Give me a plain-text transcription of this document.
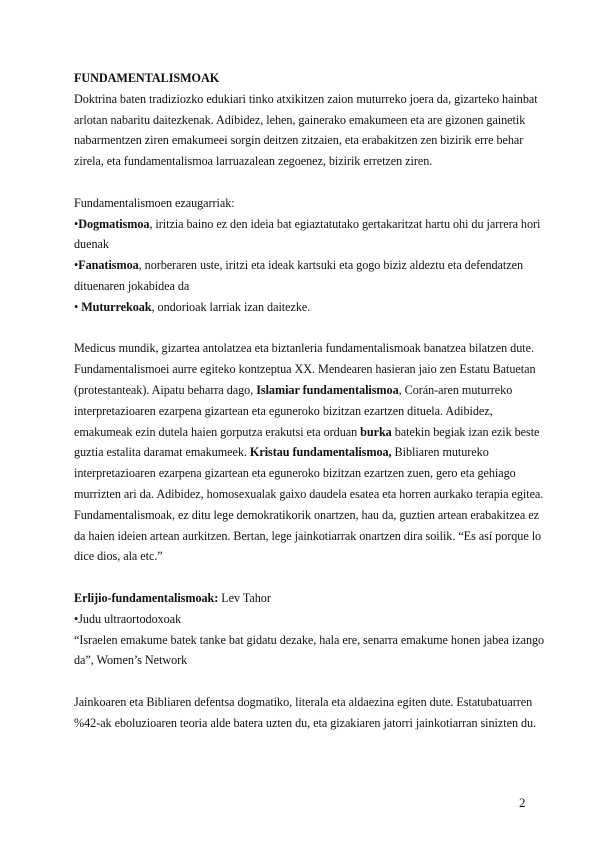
FUNDAMENTALISMOAK

Doktrina baten tradiziozko edukiari tinko atxikitzen zaion muturreko joera da, gizarteko hainbat arlotan nabaritu daitezkenak. Adibidez, lehen, gainerako emakumeen eta are gizonen gainetik nabarmentzen ziren emakumeei sorgin deitzen zitzaien, eta erabakitzen zen bizirik erre behar zirela, eta fundamentalismoa larruazalean zegoenez, bizirik erretzen ziren.

Fundamentalismoen ezaugarriak:

•Dogmatismoa, iritzia baino ez den ideia bat egiaztatutako gertakaritzat hartu ohi du jarrera hori duenak

•Fanatismoa, norberaren uste, iritzi eta ideak kartsuki eta gogo biziz aldeztu eta defendatzen dituenaren jokabidea da

• Muturrekoak, ondorioak larriak izan daitezke.

Medicus mundik, gizartea antolatzea eta biztanleria fundamentalismoak banatzea bilatzen dute. Fundamentalismoei aurre egiteko kontzeptua XX. Mendearen hasieran jaio zen Estatu Batuetan (protestanteak). Aipatu beharra dago, Islamiar fundamentalismoa, Corán-aren muturreko interpretazioaren ezarpena gizartean eta eguneroko bizitzan ezartzen dituela. Adibidez, emakumeak ezin dutela haien gorputza erakutsi eta orduan burka batekin begiak izan ezik beste guztia estalita daramat emakumeek. Kristau fundamentalismoa, Bibliaren mutureko interpretazioaren ezarpena gizartean eta eguneroko bizitzan ezartzen zuen, gero eta gehiago murrizten ari da. Adibidez, homosexualak gaixo daudela esatea eta horren aurkako terapia egitea.

Fundamentalismoak, ez ditu lege demokratikorik onartzen, hau da, guztien artean erabakitzea ez da haien ideien artean aurkitzen. Bertan, lege jainkotiarrak onartzen dira soilik. “Es así porque lo dice dios, ala etc.”

Erlijio-fundamentalismoak: Lev Tahor

•Judu ultraortodoxoak

“Israelen emakume batek tanke bat gidatu dezake, hala ere, senarra emakume honen jabea izango da”, Women’s Network

Jainkoaren eta Bibliaren defentsa dogmatiko, literala eta aldaezina egiten dute. Estatubatuarren %42-ak eboluzioaren teoria alde batera uzten du, eta gizakiaren jatorri jainkotiarran sinizten du.

2
